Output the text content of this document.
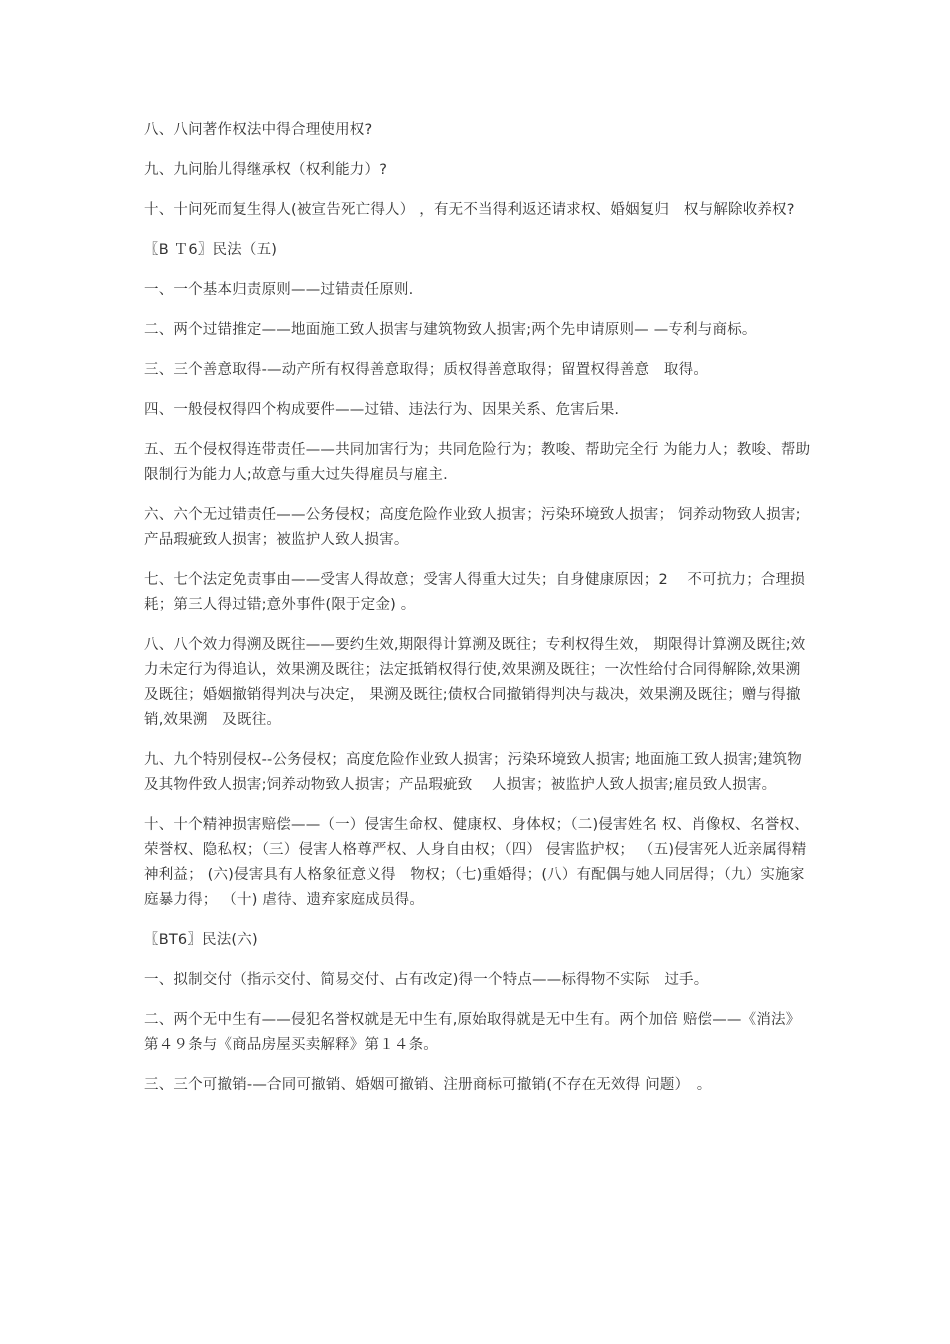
八、八问著作权法中得合理使用权?

九、九问胎儿得继承权（权利能力）?

十、十问死而复生得人(被宣告死亡得人） ，有无不当得利返还请求权、婚姻复归　权与解除收养权?

〖B Ｔ6〗民法（五)

一、一个基本归责原则——过错责任原则.

二、两个过错推定——地面施工致人损害与建筑物致人损害;两个先申请原则— —专利与商标。

三、三个善意取得-—动产所有权得善意取得；质权得善意取得；留置权得善意　取得。

四、一般侵权得四个构成要件——过错、违法行为、因果关系、危害后果.

五、五个侵权得连带责任——共同加害行为；共同危险行为；教唆、帮助完全行 为能力人；教唆、帮助限制行为能力人;故意与重大过失得雇员与雇主.

六、六个无过错责任——公务侵权；高度危险作业致人损害；污染环境致人损害； 饲养动物致人损害;产品瑕疵致人损害；被监护人致人损害。

七、七个法定免责事由——受害人得故意；受害人得重大过失；自身健康原因；2　 不可抗力；合理损耗；第三人得过错;意外事件(限于定金) 。

八、八个效力得溯及既往——要约生效,期限得计算溯及既往；专利权得生效， 期限得计算溯及既往;效力未定行为得追认，效果溯及既往；法定抵销权得行使,效果溯及既往；一次性给付合同得解除,效果溯及既往；婚姻撤销得判决与决定， 果溯及既往;债权合同撤销得判决与裁决，效果溯及既往；赠与得撤销,效果溯　及既往。

九、九个特别侵权--公务侵权；高度危险作业致人损害；污染环境致人损害; 地面施工致人损害;建筑物及其物件致人损害;饲养动物致人损害；产品瑕疵致　 人损害；被监护人致人损害;雇员致人损害。

十、十个精神损害赔偿——（一）侵害生命权、健康权、身体权；（二)侵害姓名 权、肖像权、名誉权、荣誉权、隐私权；（三）侵害人格尊严权、人身自由权；（四） 侵害监护权； （五)侵害死人近亲属得精神利益； (六)侵害具有人格象征意义得　物权；（七)重婚得；(八）有配偶与她人同居得；（九）实施家庭暴力得； （十) 虐待、遗弃家庭成员得。

〖BT6〗民法(六)

一、拟制交付（指示交付、简易交付、占有改定)得一个特点——标得物不实际　过手。

二、两个无中生有——侵犯名誉权就是无中生有,原始取得就是无中生有。两个加倍 赔偿——《消法》第４９条与《商品房屋买卖解释》第１４条。

三、三个可撤销-—合同可撤销、婚姻可撤销、注册商标可撤销(不存在无效得 问题）　。
